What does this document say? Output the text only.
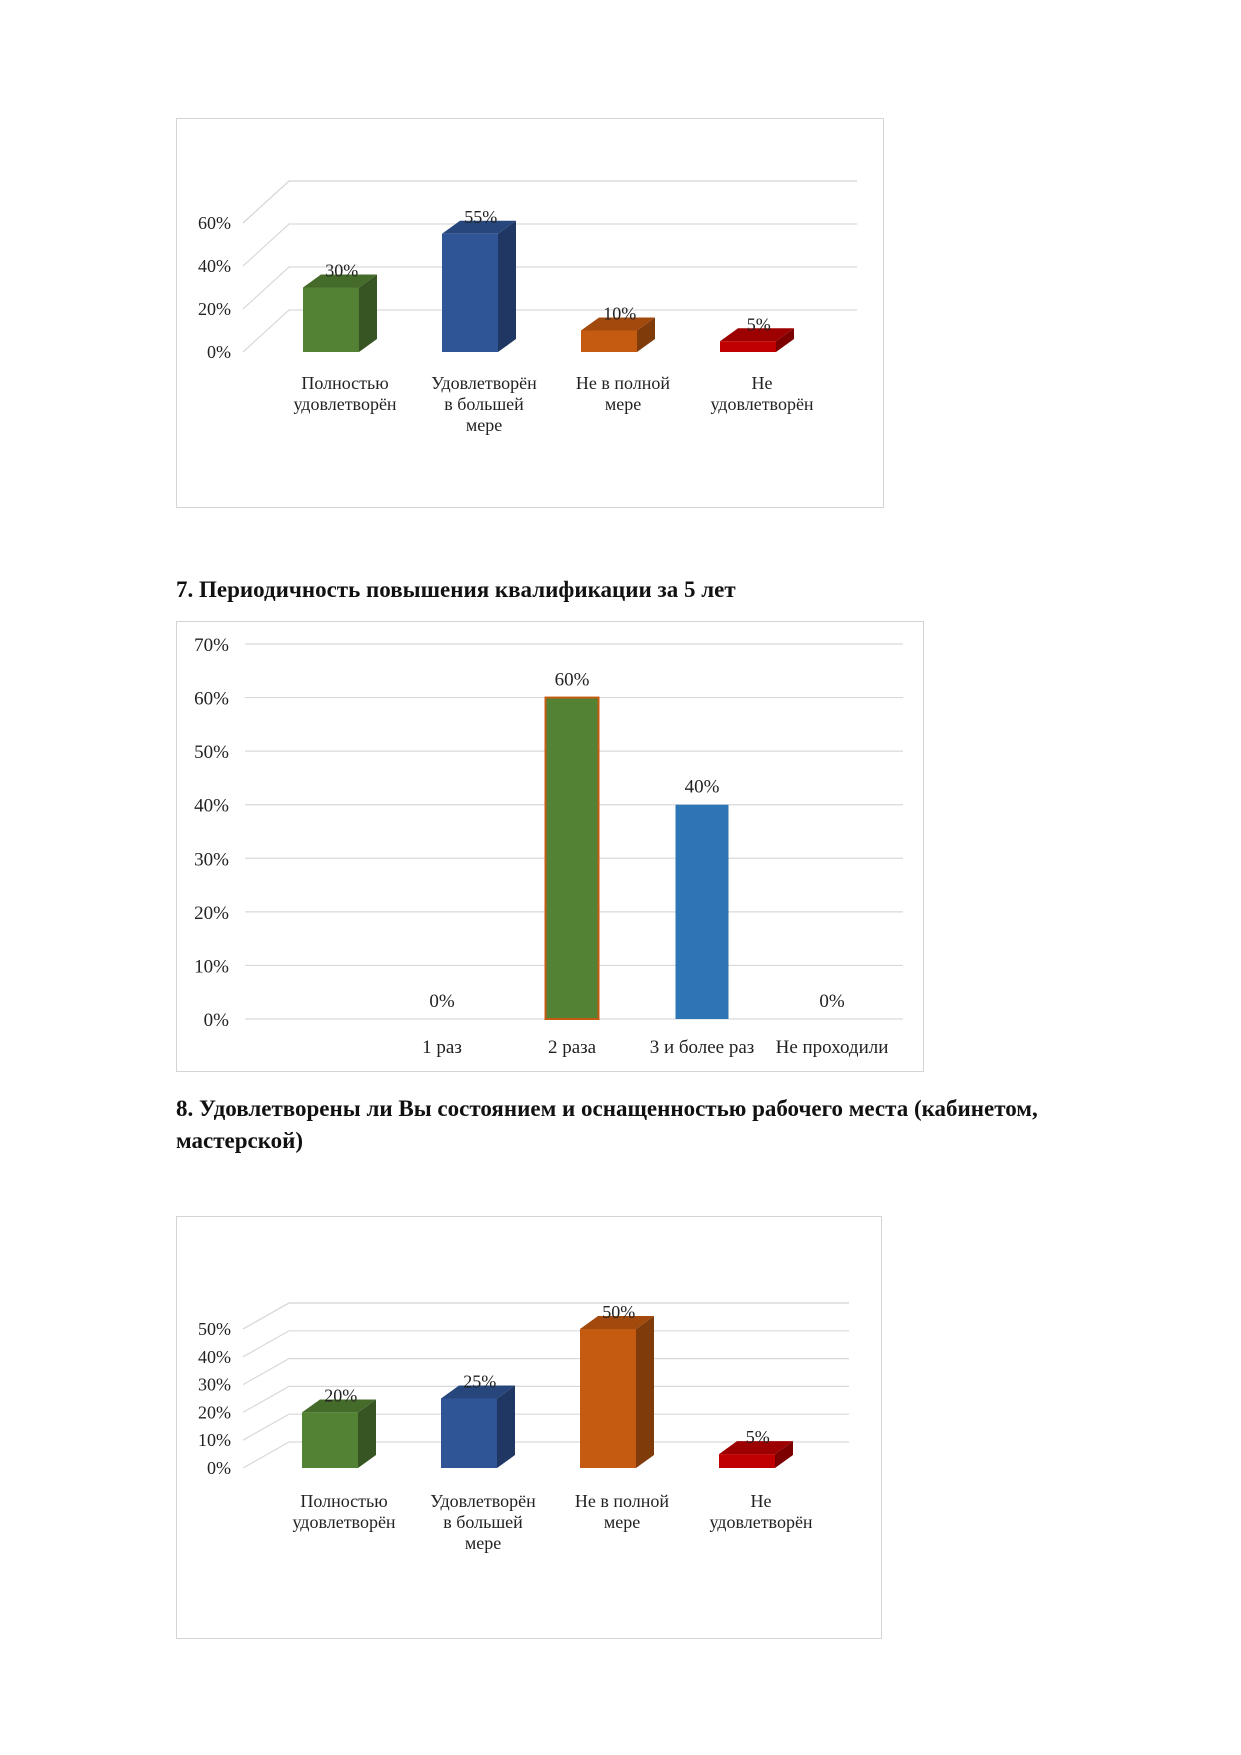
0%
20%
40%
60%
30%
Полностью
удовлетворён
55%
Удовлетворён
в большей
мере
10%
Не в полной
мере
5%
Не
удовлетворён
7. Периодичность повышения квалификации за 5 лет
0%
10%
20%
30%
40%
50%
60%
70%
0%
1 раз
60%
2 раза
40%
3 и более раз
0%
Не проходили
8. Удовлетворены ли Вы состоянием и оснащенностью рабочего места (кабинетом,
мастерской)
0%
10%
20%
30%
40%
50%
20%
Полностью
удовлетворён
25%
Удовлетворён
в большей
мере
50%
Не в полной
мере
5%
Не
удовлетворён
